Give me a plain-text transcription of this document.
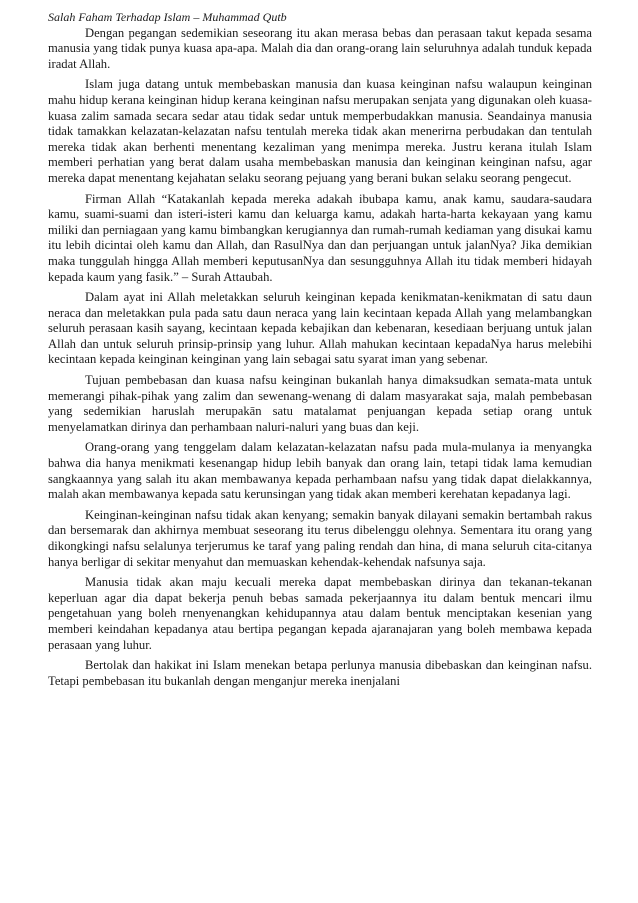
Salah Faham Terhadap Islam – Muhammad Qutb

Dengan pegangan sedemikian seseorang itu akan merasa bebas dan perasaan takut kepada sesama manusia yang tidak punya kuasa apa-apa. Malah dia dan orang-orang lain seluruhnya adalah tunduk kepada iradat Allah.

Islam juga datang untuk membebaskan manusia dan kuasa keinginan nafsu walaupun keinginan mahu hidup kerana keinginan hidup kerana keinginan nafsu merupakan senjata yang digunakan oleh kuasa-kuasa zalim samada secara sedar atau tidak sedar untuk memperbudakkan manusia. Seandainya manusia tidak tamakkan kelazatan-kelazatan nafsu tentulah mereka tidak akan menerirna perbudakan dan tentulah mereka tidak akan berhenti menentang kezaliman yang menimpa mereka. Justru kerana itulah Islam memberi perhatian yang berat dalam usaha membebaskan manusia dan keinginan keinginan nafsu, agar mereka dapat menentang kejahatan selaku seorang pejuang yang berani bukan selaku seorang pengecut.

Firman Allah “Katakanlah kepada mereka adakah ibubapa kamu, anak kamu, saudara-saudara kamu, suami-suami dan isteri-isteri kamu dan keluarga kamu, adakah harta-harta kekayaan yang kamu miliki dan perniagaan yang kamu bimbangkan kerugiannya dan rumah-rumah kediaman yang disukai kamu itu lebih dicintai oleh kamu dan Allah, dan RasulNya dan dan perjuangan untuk jalanNya? Jika demikian maka tunggulah hingga Allah memberi keputusanNya dan sesungguhnya Allah itu tidak memberi hidayah kepada kaum yang fasik.” – Surah Attaubah.

Dalam ayat ini Allah meletakkan seluruh keinginan kepada kenikmatan-kenikmatan di satu daun neraca dan meletakkan pula pada satu daun neraca yang lain kecintaan kepada Allah yang melambangkan seluruh perasaan kasih sayang, kecintaan kepada kebajikan dan kebenaran, kesediaan berjuang untuk jalan Allah dan untuk seluruh prinsip-prinsip yang luhur. Allah mahukan kecintaan kepadaNya harus melebihi kecintaan kepada keinginan keinginan yang lain sebagai satu syarat iman yang sebenar.

Tujuan pembebasan dan kuasa nafsu keinginan bukanlah hanya dimaksudkan semata-mata untuk memerangi pihak-pihak yang zalim dan sewenang-wenang di dalam masyarakat saja, malah pembebasan yang sedemikian haruslah merupakān satu matalamat penjuangan kepada setiap orang untuk menyelamatkan dirinya dan perhambaan naluri-naluri yang buas dan keji.

Orang-orang yang tenggelam dalam kelazatan-kelazatan nafsu pada mula-mulanya ia menyangka bahwa dia hanya menikmati kesenangap hidup lebih banyak dan orang lain, tetapi tidak lama kemudian sangkaannya yang salah itu akan membawanya kepada perhambaan nafsu yang tidak dapat dielakkannya, malah akan membawanya kepada satu kerunsingan yang tidak akan memberi kerehatan kepadanya lagi.

Keinginan-keinginan nafsu tidak akan kenyang; semakin banyak dilayani semakin bertambah rakus dan bersemarak dan akhirnya membuat seseorang itu terus dibelenggu olehnya. Sementara itu orang yang dikongkingi nafsu selalunya terjerumus ke taraf yang paling rendah dan hina, di mana seluruh cita-citanya hanya berligar di sekitar menyahut dan memuaskan kehendak-kehendak nafsunya saja.

Manusia tidak akan maju kecuali mereka dapat membebaskan dirinya dan tekanan-tekanan keperluan agar dia dapat bekerja penuh bebas samada pekerjaannya itu dalam bentuk mencari ilmu pengetahuan yang boleh rnenyenangkan kehidupannya atau dalam bentuk menciptakan kesenian yang memberi keindahan kepadanya atau bertipa pegangan kepada ajaranajaran yang boleh membawa kepada perasaan yang luhur.

Bertolak dan hakikat ini Islam menekan betapa perlunya manusia dibebaskan dan keinginan nafsu. Tetapi pembebasan itu bukanlah dengan menganjur mereka inenjalani
